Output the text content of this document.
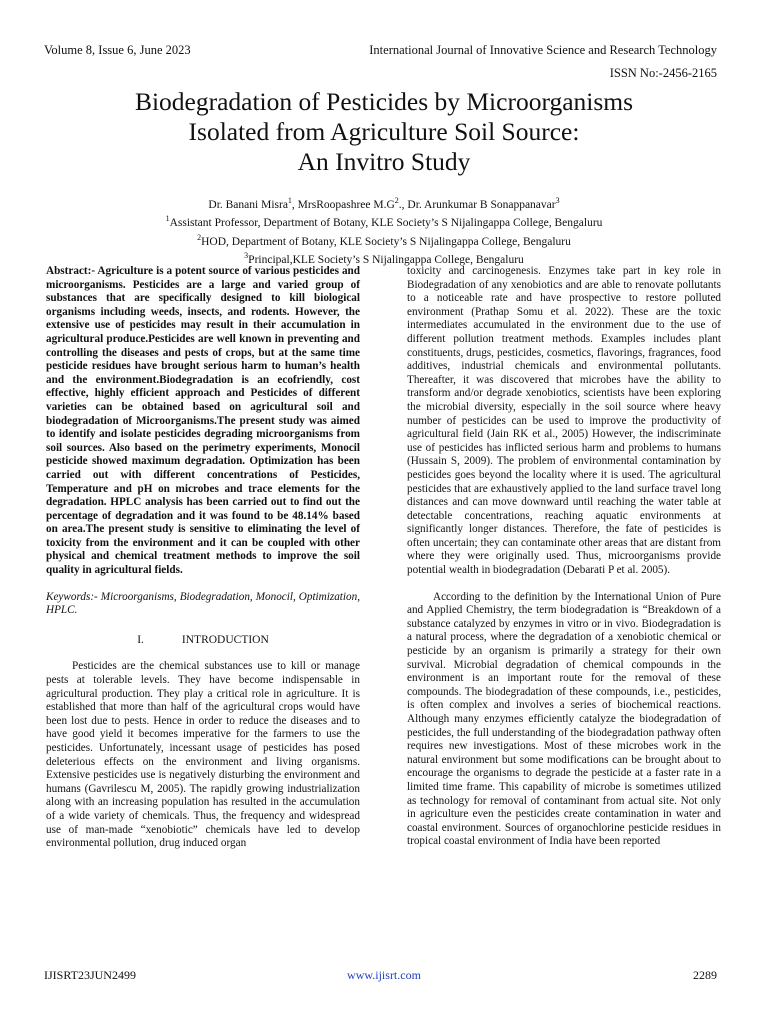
Volume 8, Issue 6, June 2023	International Journal of Innovative Science and Research Technology
ISSN No:-2456-2165
Biodegradation of Pesticides by Microorganisms
Isolated from Agriculture Soil Source:
An Invitro Study
Dr. Banani Misra$^1$, MrsRoopashree $M.G^2$., Dr. Arunkumar B Sonappanavar$^3$
$^1$Assistant Professor, Department of Botany, KLE Society’s S Nijalingappa College, Bengaluru
$^2$HOD, Department of Botany, KLE Society’s S Nijalingappa College, Bengaluru
$^3$Principal,KLE Society’s S Nijalingappa College, Bengaluru

Abstract:- Agriculture is a potent source of various pesticides and microorganisms. Pesticides are a large and varied group of substances that are specifically designed to kill biological organisms including weeds, insects, and rodents. However, the extensive use of pesticides may result in their accumulation in agricultural produce.Pesticides are well known in preventing and controlling the diseases and pests of crops, but at the same time pesticide residues have brought serious harm to human’s health and the environment.Biodegradation is an ecofriendly, cost effective, highly efficient approach and Pesticides of different varieties can be obtained based on agricultural soil and biodegradation of Microorganisms.The present study was aimed to identify and isolate pesticides degrading microorganisms from soil sources. Also based on the perimetry experiments, Monocil pesticide showed maximum degradation. Optimization has been carried out with different concentrations of Pesticides, Temperature and pH on microbes and trace elements for the degradation. HPLC analysis has been carried out to find out the percentage of degradation and it was found to be 48.14% based on area.The present study is sensitive to eliminating the level of toxicity from the environment and it can be coupled with other physical and chemical treatment methods to improve the soil quality in agricultural fields.

Keywords:- Microorganisms, Biodegradation, Monocil, Optimization, HPLC.

I.	INTRODUCTION

Pesticides are the chemical substances use to kill or manage pests at tolerable levels. They have become indispensable in agricultural production. They play a critical role in agriculture. It is established that more than half of the agricultural crops would have been lost due to pests. Hence in order to reduce the diseases and to have good yield it becomes imperative for the farmers to use the pesticides. Unfortunately, incessant usage of pesticides has posed deleterious effects on the environment and living organisms. Extensive pesticides use is negatively disturbing the environment and humans (Gavrilescu M, 2005). The rapidly growing industrialization along with an increasing population has resulted in the accumulation of a wide variety of chemicals. Thus, the frequency and widespread use of man-made “xenobiotic” chemicals have led to develop environmental pollution, drug induced organ

toxicity and carcinogenesis. Enzymes take part in key role in Biodegradation of any xenobiotics and are able to renovate pollutants to a noticeable rate and have prospective to restore polluted environment (Prathap Somu et al. 2022). These are the toxic intermediates accumulated in the environment due to the use of different pollution treatment methods. Examples includes plant constituents, drugs, pesticides, cosmetics, flavorings, fragrances, food additives, industrial chemicals and environmental pollutants. Thereafter, it was discovered that microbes have the ability to transform and/or degrade xenobiotics, scientists have been exploring the microbial diversity, especially in the soil source where heavy number of pesticides can be used to improve the productivity of agricultural field (Jain RK et al., 2005) However, the indiscriminate use of pesticides has inflicted serious harm and problems to humans (Hussain S, 2009). The problem of environmental contamination by pesticides goes beyond the locality where it is used. The agricultural pesticides that are exhaustively applied to the land surface travel long distances and can move downward until reaching the water table at detectable concentrations, reaching aquatic environments at significantly longer distances. Therefore, the fate of pesticides is often uncertain; they can contaminate other areas that are distant from where they were originally used. Thus, microorganisms provide potential wealth in biodegradation (Debarati P et al. 2005).

According to the definition by the International Union of Pure and Applied Chemistry, the term biodegradation is “Breakdown of a substance catalyzed by enzymes in vitro or in vivo. Biodegradation is a natural process, where the degradation of a xenobiotic chemical or pesticide by an organism is primarily a strategy for their own survival. Microbial degradation of chemical compounds in the environment is an important route for the removal of these compounds. The biodegradation of these compounds, i.e., pesticides, is often complex and involves a series of biochemical reactions. Although many enzymes efficiently catalyze the biodegradation of pesticides, the full understanding of the biodegradation pathway often requires new investigations. Most of these microbes work in the natural environment but some modifications can be brought about to encourage the organisms to degrade the pesticide at a faster rate in a limited time frame. This capability of microbe is sometimes utilized as technology for removal of contaminant from actual site. Not only in agriculture even the pesticides create contamination in water and coastal environment. Sources of organochlorine pesticide residues in tropical coastal environment of India have been reported

IJISRT23JUN2499	www.ijisrt.com	2289
